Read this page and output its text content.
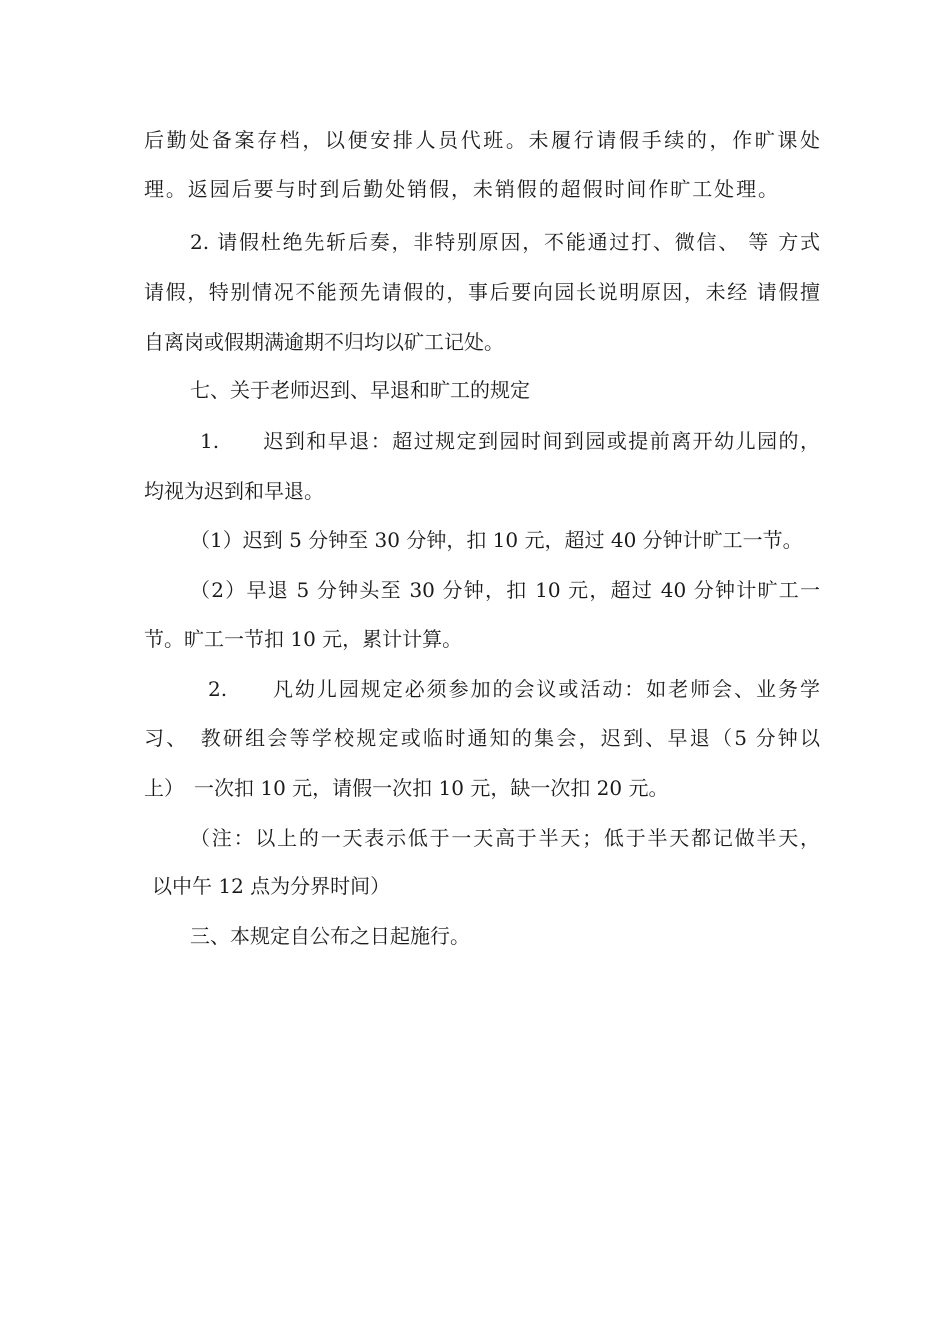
后勤处备案存档，以便安排人员代班。未履行请假手续的，作旷课处
理。返园后要与时到后勤处销假，未销假的超假时间作旷工处理。
2. 请假杜绝先斩后奏，非特别原因，不能通过打、微信、 等 方式
请假，特别情况不能预先请假的，事后要向园长说明原因，未经 请假擅
自离岗或假期满逾期不归均以矿工记处。
七、关于老师迟到、早退和旷工的规定
1.　　迟到和早退：超过规定到园时间到园或提前离开幼儿园的，
均视为迟到和早退。
（1）迟到 5 分钟至 30 分钟，扣 10 元，超过 40 分钟计旷工一节。
（2）早退 5 分钟头至 30 分钟，扣 10 元，超过 40 分钟计旷工一
节。旷工一节扣 10 元，累计计算。
2.　　凡幼儿园规定必须参加的会议或活动：如老师会、业务学
习、　教研组会等学校规定或临时通知的集会，迟到、早退（5 分钟以
上）　一次扣 10 元，请假一次扣 10 元，缺一次扣 20 元。
（注：以上的一天表示低于一天高于半天；低于半天都记做半天，
以中午 12 点为分界时间）
三、本规定自公布之日起施行。
